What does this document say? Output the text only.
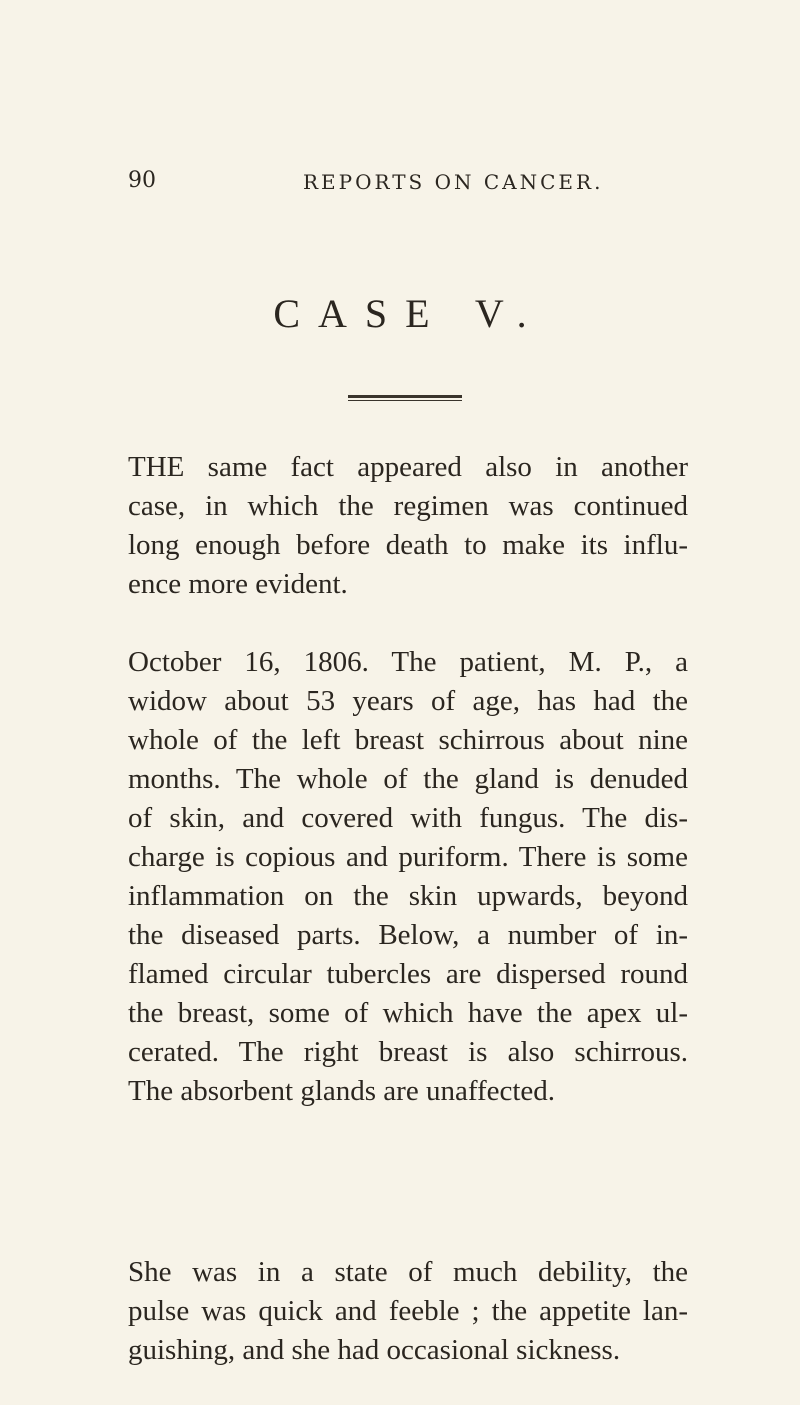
90	REPORTS ON CANCER.
CASE V.

THE same fact appeared also in another
case, in which the regimen was continued
long enough before death to make its influ-
ence more evident.

October 16, 1806. The patient, M. P., a
widow about 53 years of age, has had the
whole of the left breast schirrous about nine
months. The whole of the gland is denuded
of skin, and covered with fungus. The dis-
charge is copious and puriform. There is some
inflammation on the skin upwards, beyond
the diseased parts. Below, a number of in-
flamed circular tubercles are dispersed round
the breast, some of which have the apex ul-
cerated. The right breast is also schirrous.
The absorbent glands are unaffected.

She was in a state of much debility, the
pulse was quick and feeble ; the appetite lan-
guishing, and she had occasional sickness.
